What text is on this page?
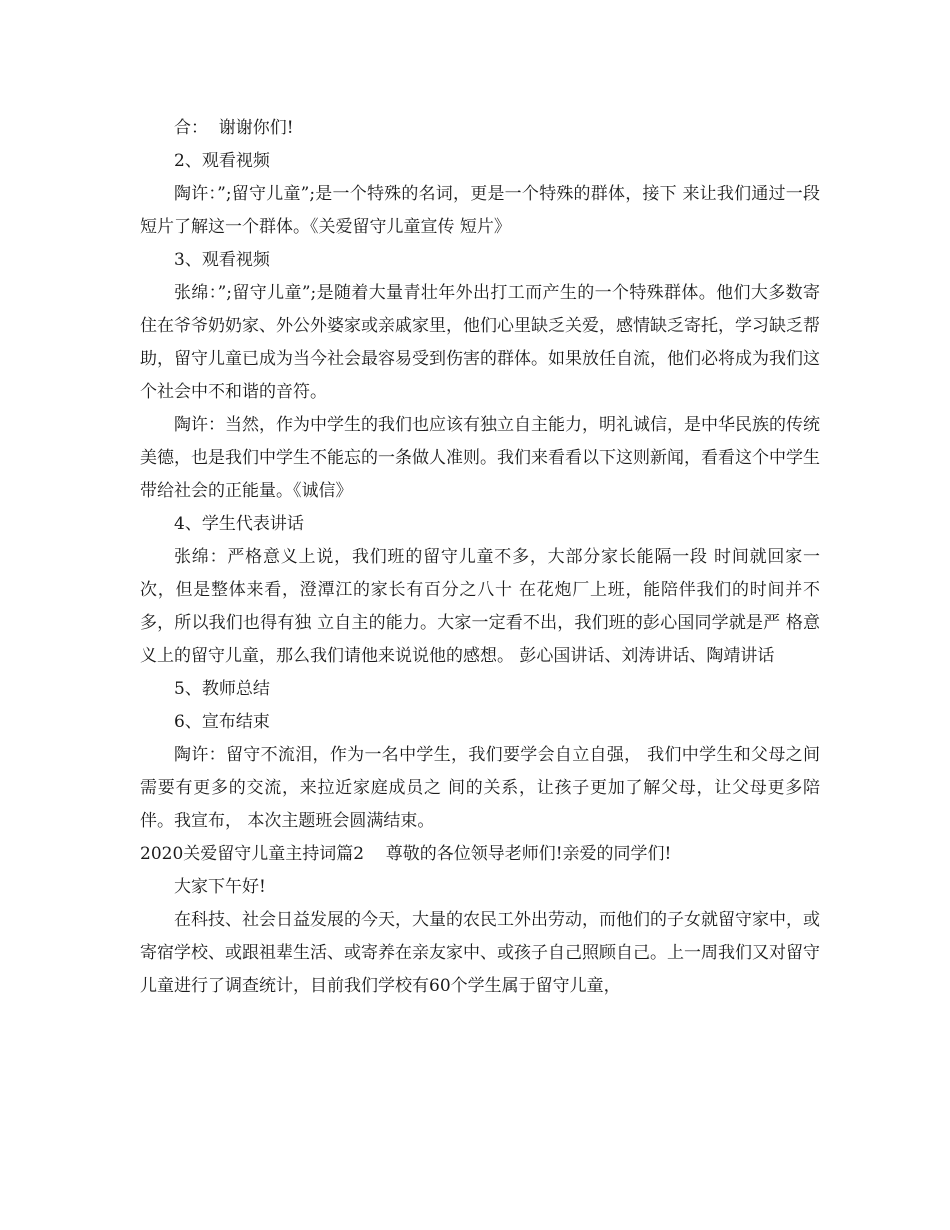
合：  谢谢你们!

2、观看视频

陶许：”;留守儿童”;是一个特殊的名词，更是一个特殊的群体，接下 来让我们通过一段短片了解这一个群体。《关爱留守儿童宣传 短片》

3、观看视频

张绵：”;留守儿童”;是随着大量青壮年外出打工而产生的一个特殊群体。他们大多数寄住在爷爷奶奶家、外公外婆家或亲戚家里，他们心里缺乏关爱，感情缺乏寄托，学习缺乏帮助，留守儿童已成为当今社会最容易受到伤害的群体。如果放任自流，他们必将成为我们这个社会中不和谐的音符。

陶许：当然，作为中学生的我们也应该有独立自主能力，明礼诚信，是中华民族的传统美德，也是我们中学生不能忘的一条做人准则。我们来看看以下这则新闻，看看这个中学生带给社会的正能量。《诚信》

4、学生代表讲话

张绵：严格意义上说，我们班的留守儿童不多，大部分家长能隔一段 时间就回家一次，但是整体来看，澄潭江的家长有百分之八十 在花炮厂上班，能陪伴我们的时间并不多，所以我们也得有独 立自主的能力。大家一定看不出，我们班的彭心国同学就是严 格意义上的留守儿童，那么我们请他来说说他的感想。 彭心国讲话、刘涛讲话、陶靖讲话

5、教师总结

6、宣布结束

陶许：留守不流泪，作为一名中学生，我们要学会自立自强， 我们中学生和父母之间需要有更多的交流，来拉近家庭成员之 间的关系，让孩子更加了解父母，让父母更多陪伴。我宣布， 本次主题班会圆满结束。

2020关爱留守儿童主持词篇2    尊敬的各位领导老师们!亲爱的同学们!

大家下午好!

在科技、社会日益发展的今天，大量的农民工外出劳动，而他们的子女就留守家中，或寄宿学校、或跟祖辈生活、或寄养在亲友家中、或孩子自己照顾自己。上一周我们又对留守儿童进行了调查统计，目前我们学校有60个学生属于留守儿童，
